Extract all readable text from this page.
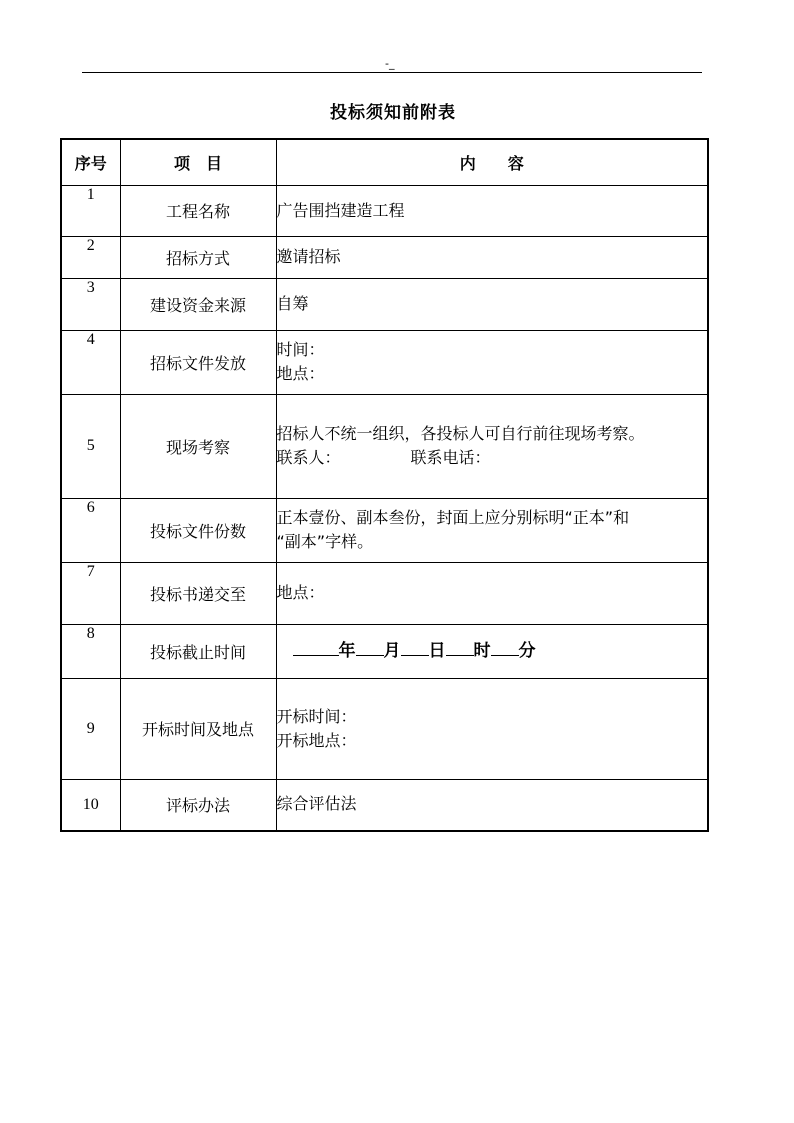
-_
投标须知前附表
序号	项　目	内　　容
1	工程名称	广告围挡建造工程

2	招标方式	邀请招标

3	建设资金来源	自筹

4	招标文件发放	时间：
地点：

5	现场考察	招标人不统一组织，各投标人可自行前往现场考察。
联系人： 联系电话：

6	投标文件份数	正本壹份、副本叁份，封面上应分别标明“正本”和
“副本”字样。

7	投标书递交至	地点：

8	投标截止时间	年 月 日 时 分
9	开标时间及地点	开标时间：
开标地点：

10	评标办法	综合评估法
